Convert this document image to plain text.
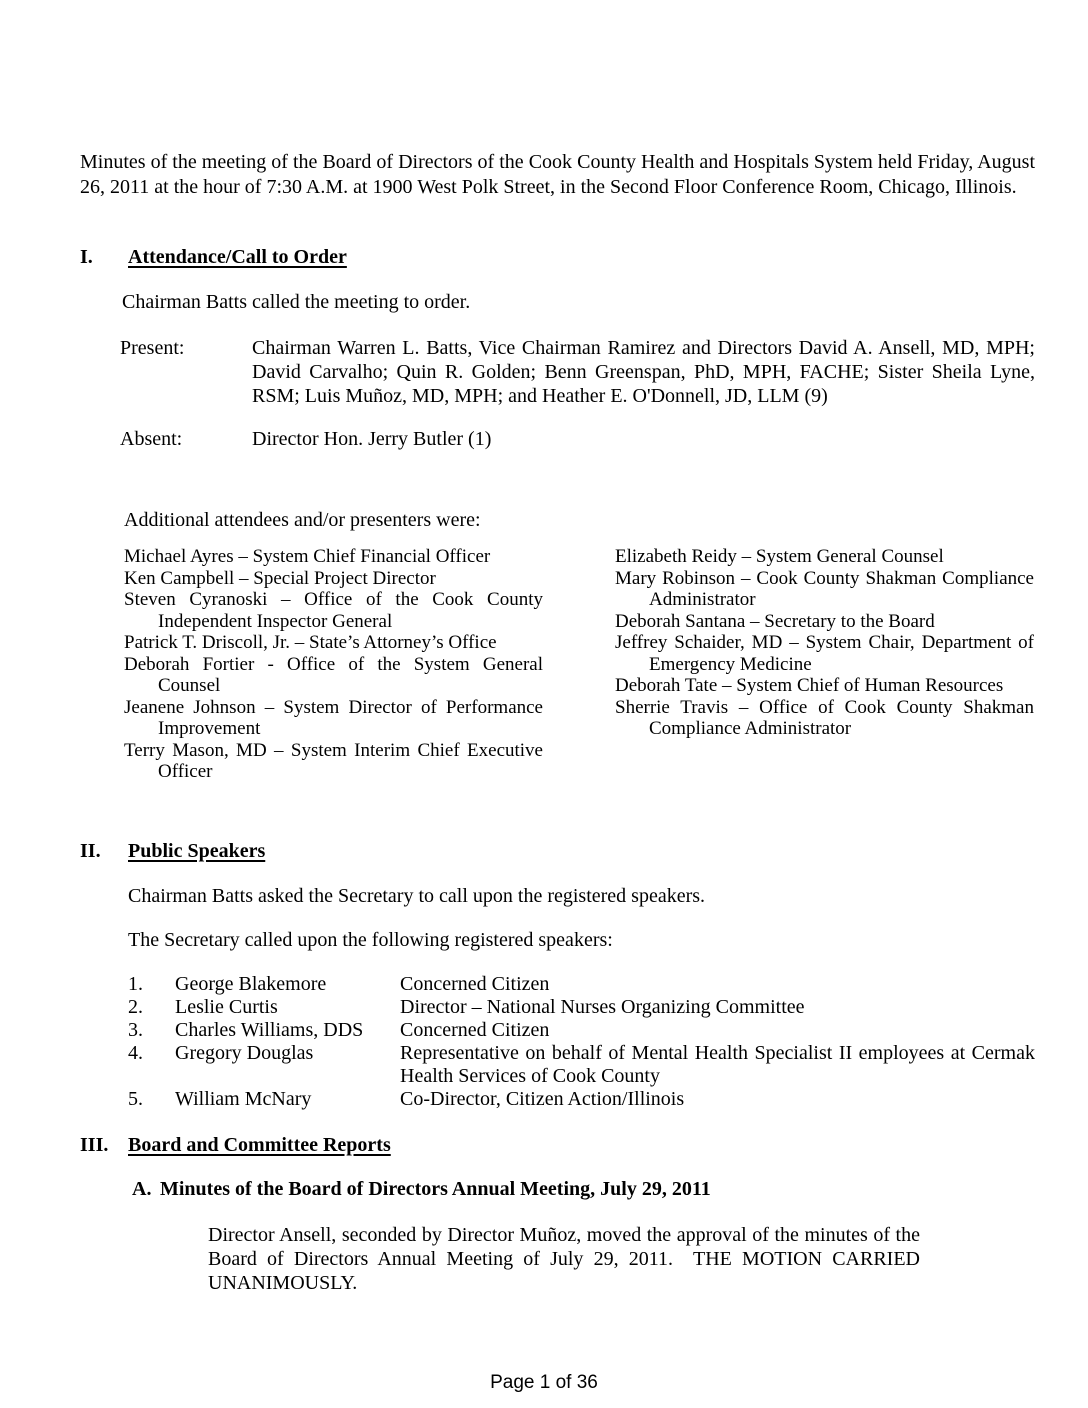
Minutes of the meeting of the Board of Directors of the Cook County Health and Hospitals System held Friday, August 26, 2011 at the hour of 7:30 A.M. at 1900 West Polk Street, in the Second Floor Conference Room, Chicago, Illinois.

I.	Attendance/Call to Order

Chairman Batts called the meeting to order.

Present:	Chairman Warren L. Batts, Vice Chairman Ramirez and Directors David A. Ansell, MD, MPH; David Carvalho; Quin R. Golden; Benn Greenspan, PhD, MPH, FACHE; Sister Sheila Lyne, RSM; Luis Muñoz, MD, MPH; and Heather E. O'Donnell, JD, LLM (9)
Absent:	Director Hon. Jerry Butler (1)

Additional attendees and/or presenters were:

Michael Ayres – System Chief Financial Officer
Ken Campbell – Special Project Director
Steven Cyranoski – Office of the Cook County Independent Inspector General
Patrick T. Driscoll, Jr. – State’s Attorney’s Office
Deborah Fortier - Office of the System General Counsel
Jeanene Johnson – System Director of Performance Improvement
Terry Mason, MD – System Interim Chief Executive Officer
Elizabeth Reidy – System General Counsel
Mary Robinson – Cook County Shakman Compliance Administrator
Deborah Santana – Secretary to the Board
Jeffrey Schaider, MD – System Chair, Department of Emergency Medicine
Deborah Tate – System Chief of Human Resources
Sherrie Travis – Office of Cook County Shakman Compliance Administrator
II.	Public Speakers

Chairman Batts asked the Secretary to call upon the registered speakers.

The Secretary called upon the following registered speakers:

1.	George Blakemore	Concerned Citizen
2.	Leslie Curtis	Director – National Nurses Organizing Committee
3.	Charles Williams, DDS	Concerned Citizen
4.	Gregory Douglas	Representative on behalf of Mental Health Specialist II employees at Cermak Health Services of Cook County
5.	William McNary	Co-Director, Citizen Action/Illinois
III. Board and Committee Reports
A. Minutes of the Board of Directors Annual Meeting, July 29, 2011

Director Ansell, seconded by Director Muñoz, moved the approval of the minutes of the Board of Directors Annual Meeting of July 29, 2011.  THE MOTION CARRIED UNANIMOUSLY.

Page 1 of 36
